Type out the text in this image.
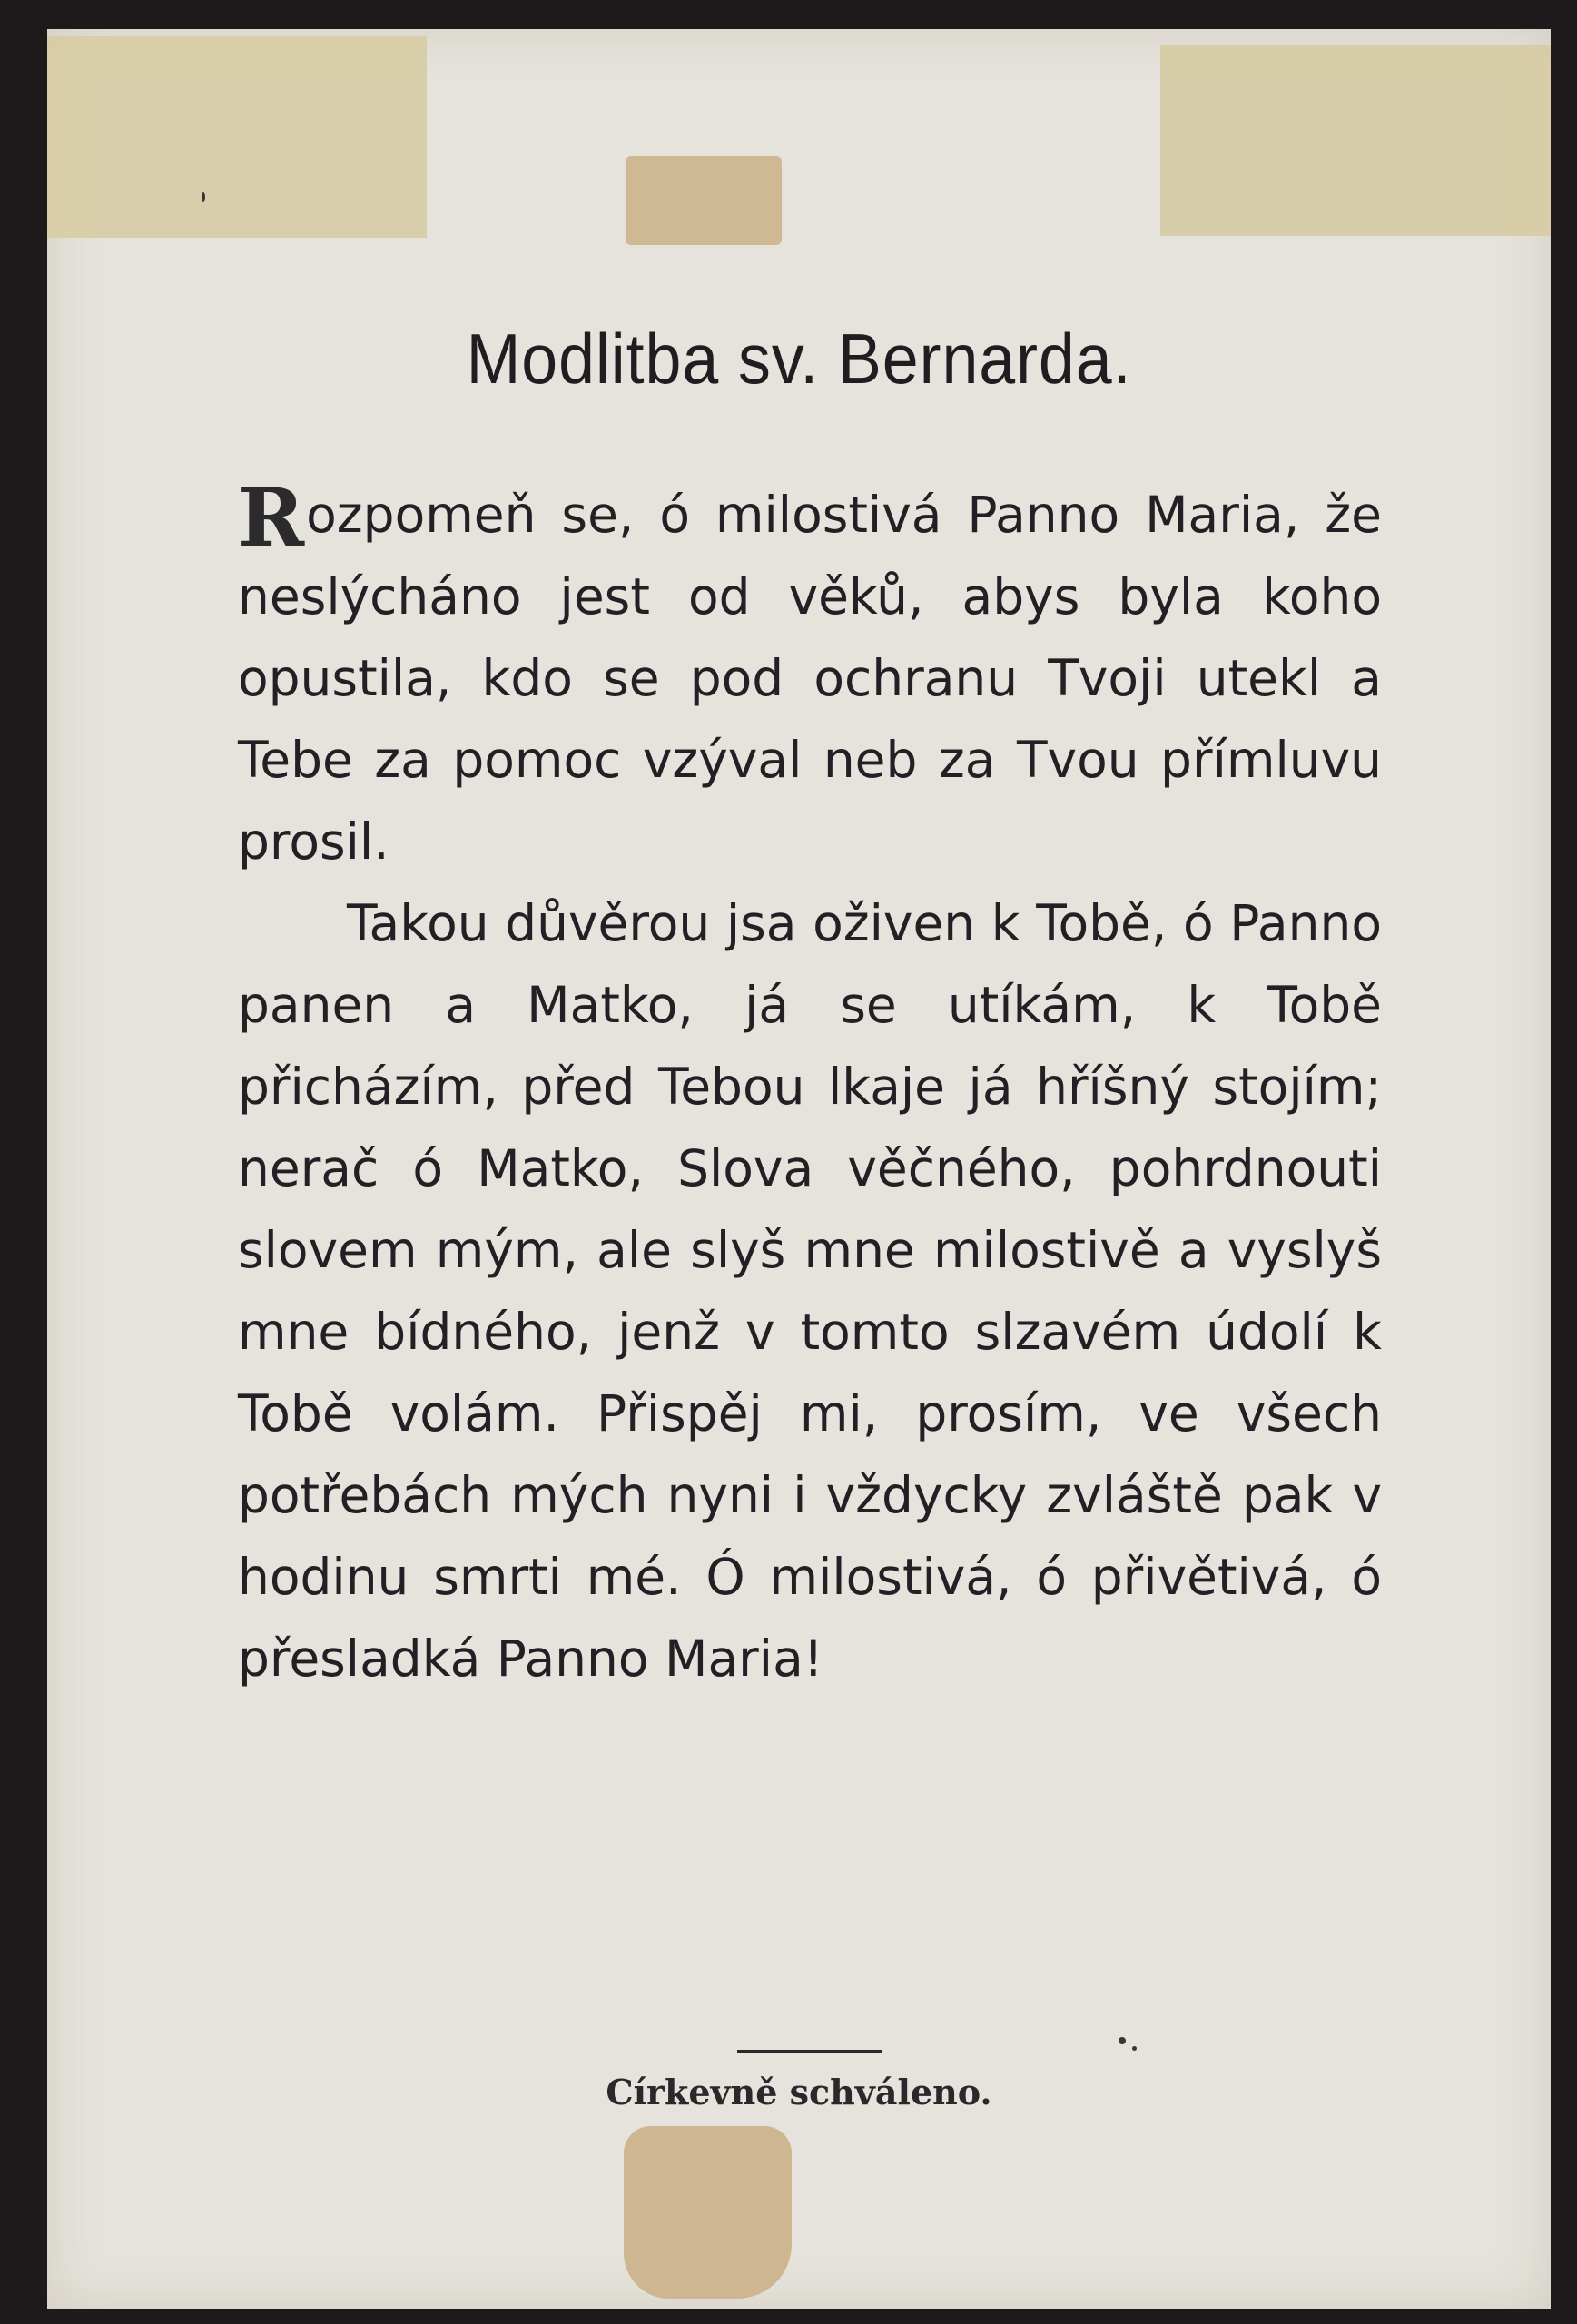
Modlitba sv. Bernarda.

Rozpomeň se, ó milostivá Panno Maria, že neslýcháno jest od věků, abys byla koho opustila, kdo se pod ochranu Tvoji utekl a Tebe za pomoc vzýval neb za Tvou přímluvu prosil.

Takou důvěrou jsa oživen k Tobě, ó Panno panen a Matko, já se utíkám, k Tobě přicházím, před Tebou lkaje já hříšný stojím; nerač ó Matko, Slova věčného, pohrdnouti slovem mým, ale slyš mne milostivě a vyslyš mne bídného, jenž v tomto slzavém údolí k Tobě volám. Přispěj mi, prosím, ve všech potřebách mých nyni i vždycky zvláště pak v hodinu smrti mé. Ó milostivá, ó přivětivá, ó přesladká Panno Maria!

Církevně schváleno.
